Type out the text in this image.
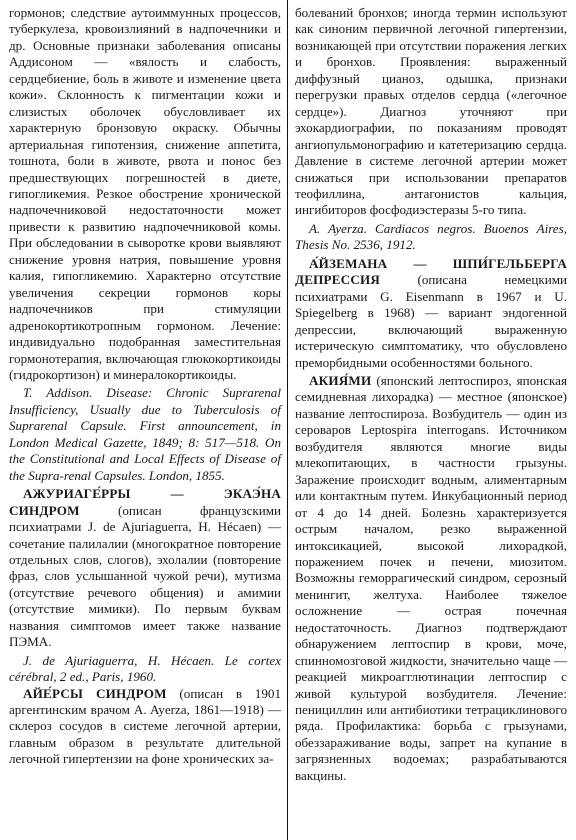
гормонов; следствие аутоиммунных процессов, туберкулеза, кровоизлияний в надпочечники и др. Основные признаки заболевания описаны Аддисоном — «вялость и слабость, сердцебиение, боль в животе и изменение цвета кожи». Склонность к пигментации кожи и слизистых оболочек обусловливает их характерную бронзовую окраску. Обычны артериальная гипотензия, снижение аппетита, тошнота, боли в животе, рвота и понос без предшествующих погрешностей в диете, гипогликемия. Резкое обострение хронической надпочечниковой недостаточности может привести к развитию надпочечниковой комы. При обследовании в сыворотке крови выявляют снижение уровня натрия, повышение уровня калия, гипогликемию. Характерно отсутствие увеличения секреции гормонов коры надпочечников при стимуляции адренокортикотропным гормоном. Лечение: индивидуально подобранная заместительная гормонотерапия, включающая глюкокортикоиды (гидрокортизон) и минералокортикоиды.

T. Addison. Disease: Chronic Suprarenal Insufficiency, Usually due to Tuberculosis of Suprarenal Capsule. First announcement, in London Medical Gazette, 1849; 8: 517—518. On the Constitutional and Local Effects of Disease of the Supra-renal Capsules. London, 1855.

АЖУРИАГЕ́РРЫ — ЭКАЭ́НА СИНДРОМ (описан французскими психиатрами J. de Ajuriaguerra, H. Hécaen) — сочетание палилалии (многократное повторение отдельных слов, слогов), эхолалии (повторение фраз, слов услышанной чужой речи), мутизма (отсутствие речевого общения) и амимии (отсутствие мимики). По первым буквам названия симптомов имеет также название ПЭМА.

J. de Ajuriaguerra, H. Hécaen. Le cortex cérébral, 2 ed., Paris, 1960.

АЙЕ́РСЫ СИНДРОМ (описан в 1901 аргентинским врачом A. Ayerza, 1861—1918) — склероз сосудов в системе легочной артерии, главным образом в результате длительной легочной гипертензии на фоне хронических за-

болеваний бронхов; иногда термин используют как синоним первичной легочной гипертензии, возникающей при отсутствии поражения легких и бронхов. Проявления: выраженный диффузный цианоз, одышка, признаки перегрузки правых отделов сердца («легочное сердце»). Диагноз уточняют при эхокардиографии, по показаниям проводят ангиопульмонографию и катетеризацию сердца. Давление в системе легочной артерии может снижаться при использовании препаратов теофиллина, антагонистов кальция, ингибиторов фосфодиэстеразы 5-го типа.

A. Ayerza. Cardiacos negros. Buoenos Aires, Thesis No. 2536, 1912.

А́ЙЗЕМАНА — ШПИ́ГЕЛЬБЕРГА ДЕПРЕССИЯ (описана немецкими психиатрами G. Eisenmann в 1967 и U. Spiegelberg в 1968) — вариант эндогенной депрессии, включающий выраженную истерическую симптоматику, что обусловлено преморбидными особенностями больного.

АКИЯ́МИ (японский лептоспироз, японская семидневная лихорадка) — местное (японское) название лептоспироза. Возбудитель — один из сероваров Leptospira interrogans. Источником возбудителя являются многие виды млекопитающих, в частности грызуны. Заражение происходит водным, алиментарным или контактным путем. Инкубационный период от 4 до 14 дней. Болезнь характеризуется острым началом, резко выраженной интоксикацией, высокой лихорадкой, поражением почек и печени, миозитом. Возможны геморрагический синдром, серозный менингит, желтуха. Наиболее тяжелое осложнение — острая почечная недостаточность. Диагноз подтверждают обнаружением лептоспир в крови, моче, спинномозговой жидкости, значительно чаще — реакцией микроагглютинации лептоспир с живой культурой возбудителя. Лечение: пенициллин или антибиотики тетрациклинового ряда. Профилактика: борьба с грызунами, обеззараживание воды, запрет на купание в загрязненных водоемах; разрабатываются вакцины.
